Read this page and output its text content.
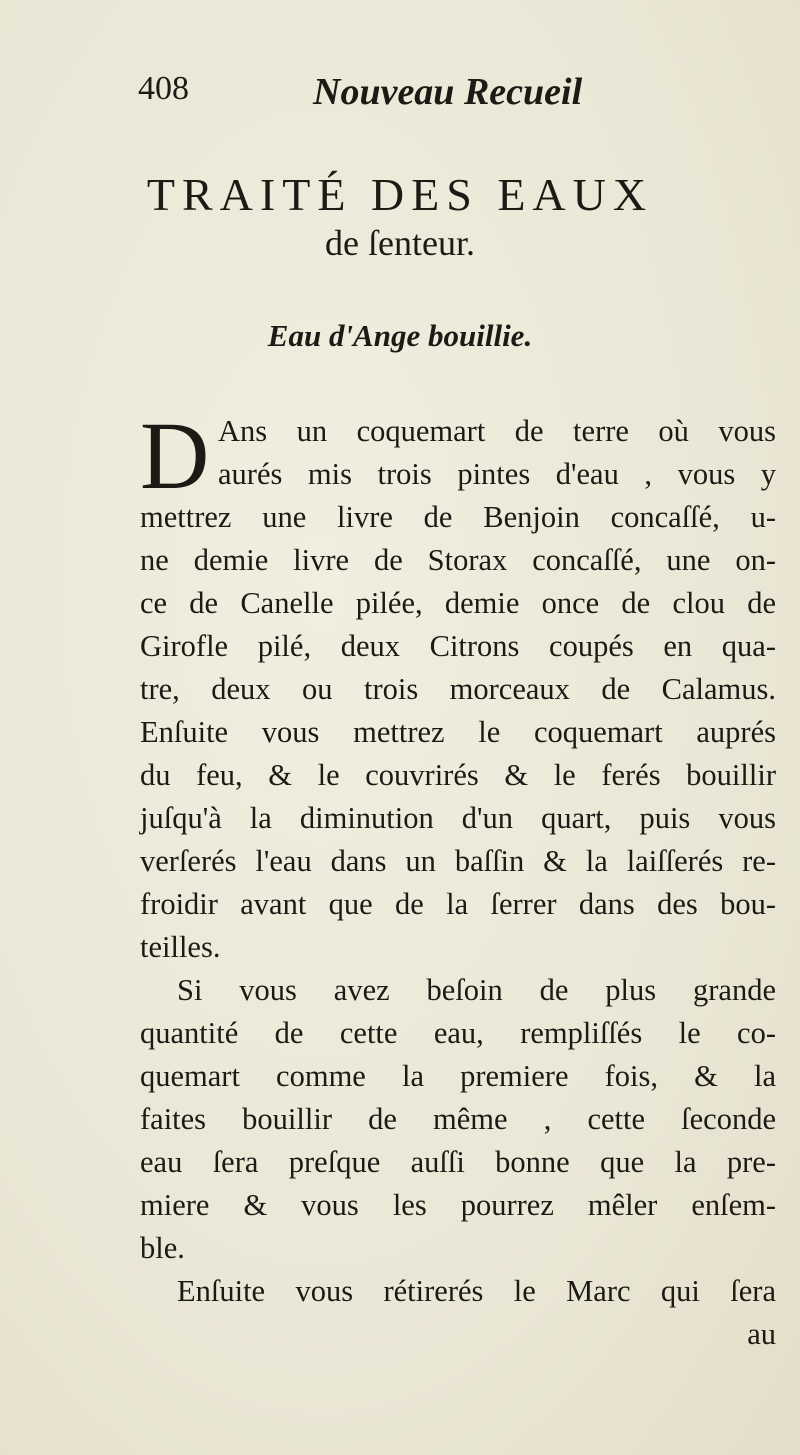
408	Nouveau Recueil
TRAITÉ DES EAUX
de ſenteur.
Eau d'Ange bouillie.
D Ans un coquemart de terre où vous
aurés mis trois pintes d'eau , vous y
mettrez une livre de Benjoin concaſſé, u-
ne demie livre de Storax concaſſé, une on-
ce de Canelle pilée, demie once de clou de
Girofle pilé, deux Citrons coupés en qua-
tre, deux ou trois morceaux de Calamus.
Enſuite vous mettrez le coquemart auprés
du feu, & le couvrirés & le ferés bouillir
juſqu'à la diminution d'un quart, puis vous
verſerés l'eau dans un baſſin & la laiſſerés re-
froidir avant que de la ſerrer dans des bou-
teilles.
Si vous avez beſoin de plus grande
quantité de cette eau, rempliſſés le co-
quemart comme la premiere fois, & la
faites bouillir de même , cette ſeconde
eau ſera preſque auſſi bonne que la pre-
miere & vous les pourrez mêler enſem-
ble.
Enſuite vous rétirerés le Marc qui ſera
au
